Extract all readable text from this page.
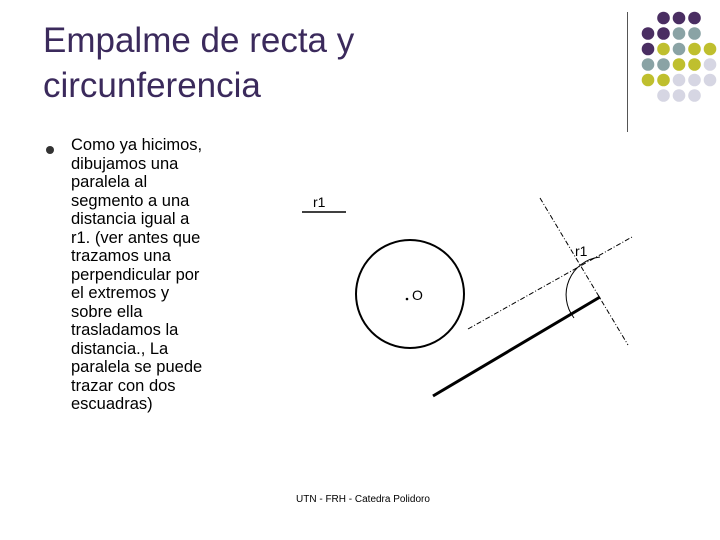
Empalme de recta y
circunferencia
Como ya hicimos,
dibujamos una
paralela al
segmento a una
distancia igual a
r1. (ver antes que
trazamos una
perpendicular por
el extremos y
sobre ella
trasladamos la
distancia., La
paralela se puede
trazar con dos
escuadras)
r1
O
r1
UTN - FRH - Catedra Polidoro
